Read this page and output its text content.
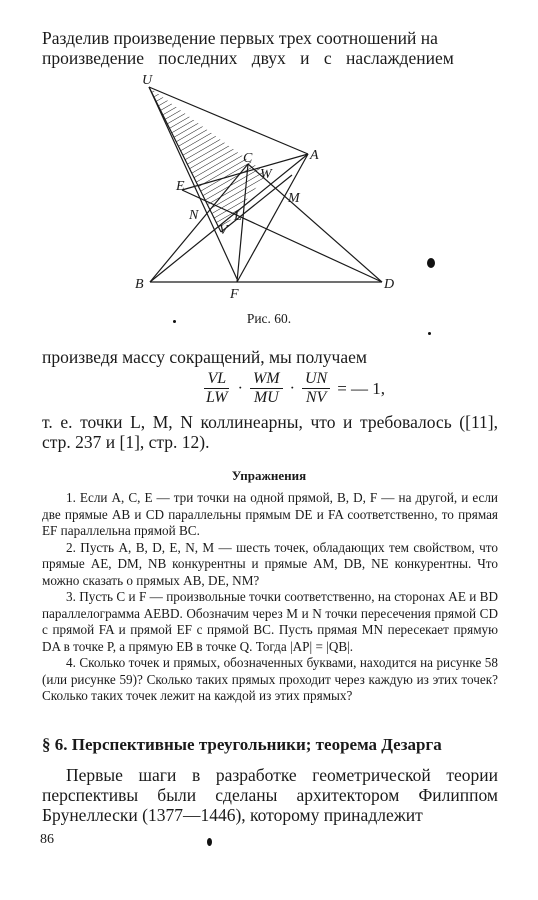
Разделив произведение первых трех соотношений на
произведение последних двух и с наслаждением
U
A
C
W
E
M
N	L
V
B
F
D
Рис. 60.
произведя массу сокращений, мы получаем
$\frac{VL}{LW} \cdot \frac{WM}{MU} \cdot \frac{UN}{NV}$ = — 1,
т. е. точки L, M, N коллинеарны, что и требовалось ([11], стр. 237 и [1], стр. 12).
Упражнения

1. Если A, C, E — три точки на одной прямой, B, D, F — на другой, и если две прямые AB и CD параллельны прямым DE и FA соответственно, то прямая EF параллельна прямой BC.

2. Пусть A, B, D, E, N, M — шесть точек, обладающих тем свойством, что прямые AE, DM, NB конкурентны и прямые AM, DB, NE конкурентны. Что можно сказать о прямых AB, DE, NM?

3. Пусть C и F — произвольные точки соответственно, на сторонах AE и BD параллелограмма AEBD. Обозначим через M и N точки пересечения прямой CD с прямой FA и прямой EF с прямой BC. Пусть прямая MN пересекает прямую DA в точке P, а прямую EB в точке Q. Тогда |AP| = |QB|.

4. Сколько точек и прямых, обозначенных буквами, находится на рисунке 58 (или рисунке 59)? Сколько таких прямых проходит через каждую из этих точек? Сколько таких точек лежит на каждой из этих прямых?

§ 6. Перспективные треугольники; теорема Дезарга
Первые шаги в разработке геометрической теории перспективы были сделаны архитектором Филиппом Брунеллески (1377—1446), которому принадлежит
86
